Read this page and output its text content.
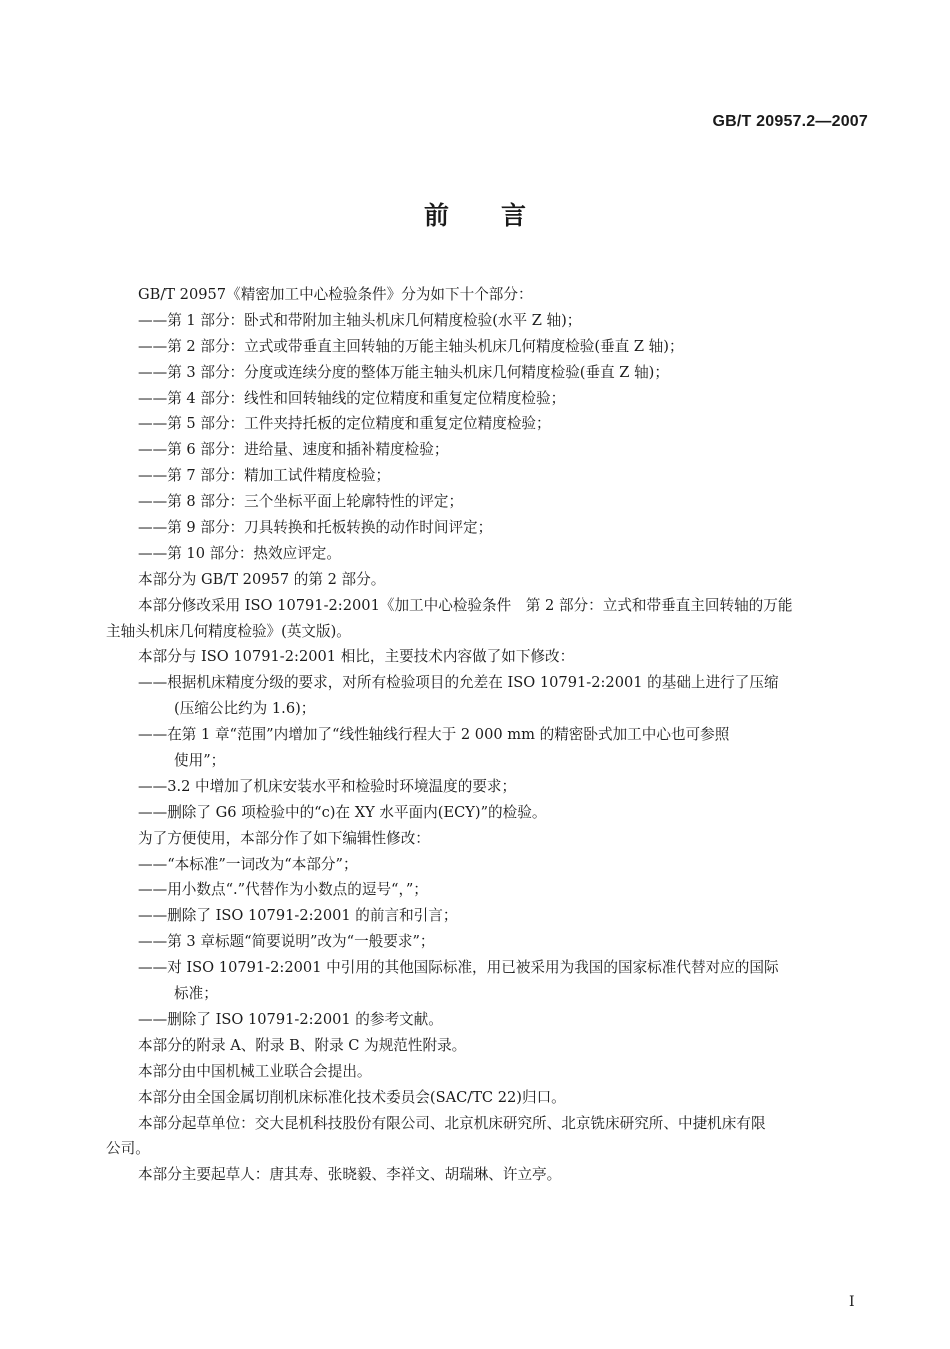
GB/T 20957.2—2007
前言
GB/T 20957《精密加工中心检验条件》分为如下十个部分：
——第 1 部分：卧式和带附加主轴头机床几何精度检验(水平 Z 轴)；
——第 2 部分：立式或带垂直主回转轴的万能主轴头机床几何精度检验(垂直 Z 轴)；
——第 3 部分：分度或连续分度的整体万能主轴头机床几何精度检验(垂直 Z 轴)；
——第 4 部分：线性和回转轴线的定位精度和重复定位精度检验；
——第 5 部分：工件夹持托板的定位精度和重复定位精度检验；
——第 6 部分：进给量、速度和插补精度检验；
——第 7 部分：精加工试件精度检验；
——第 8 部分：三个坐标平面上轮廓特性的评定；
——第 9 部分：刀具转换和托板转换的动作时间评定；
——第 10 部分：热效应评定。
本部分为 GB/T 20957 的第 2 部分。
本部分修改采用 ISO 10791-2:2001《加工中心检验条件　第 2 部分：立式和带垂直主回转轴的万能
主轴头机床几何精度检验》(英文版)。
本部分与 ISO 10791-2:2001 相比，主要技术内容做了如下修改：
——根据机床精度分级的要求，对所有检验项目的允差在 ISO 10791-2:2001 的基础上进行了压缩
(压缩公比约为 1.6)；
——在第 1 章“范围”内增加了“线性轴线行程大于 2 000 mm 的精密卧式加工中心也可参照
使用”；
——3.2 中增加了机床安装水平和检验时环境温度的要求；
——删除了 G6 项检验中的“c)在 XY 水平面内(ECY)”的检验。
为了方便使用，本部分作了如下编辑性修改：
——“本标准”一词改为“本部分”；
——用小数点“.”代替作为小数点的逗号“，”；
——删除了 ISO 10791-2:2001 的前言和引言；
——第 3 章标题“简要说明”改为“一般要求”；
——对 ISO 10791-2:2001 中引用的其他国际标准，用已被采用为我国的国家标准代替对应的国际
标准；
——删除了 ISO 10791-2:2001 的参考文献。
本部分的附录 A、附录 B、附录 C 为规范性附录。
本部分由中国机械工业联合会提出。
本部分由全国金属切削机床标准化技术委员会(SAC/TC 22)归口。
本部分起草单位：交大昆机科技股份有限公司、北京机床研究所、北京铣床研究所、中捷机床有限
公司。
本部分主要起草人：唐其寿、张晓毅、李祥文、胡瑞琳、许立亭。
I
